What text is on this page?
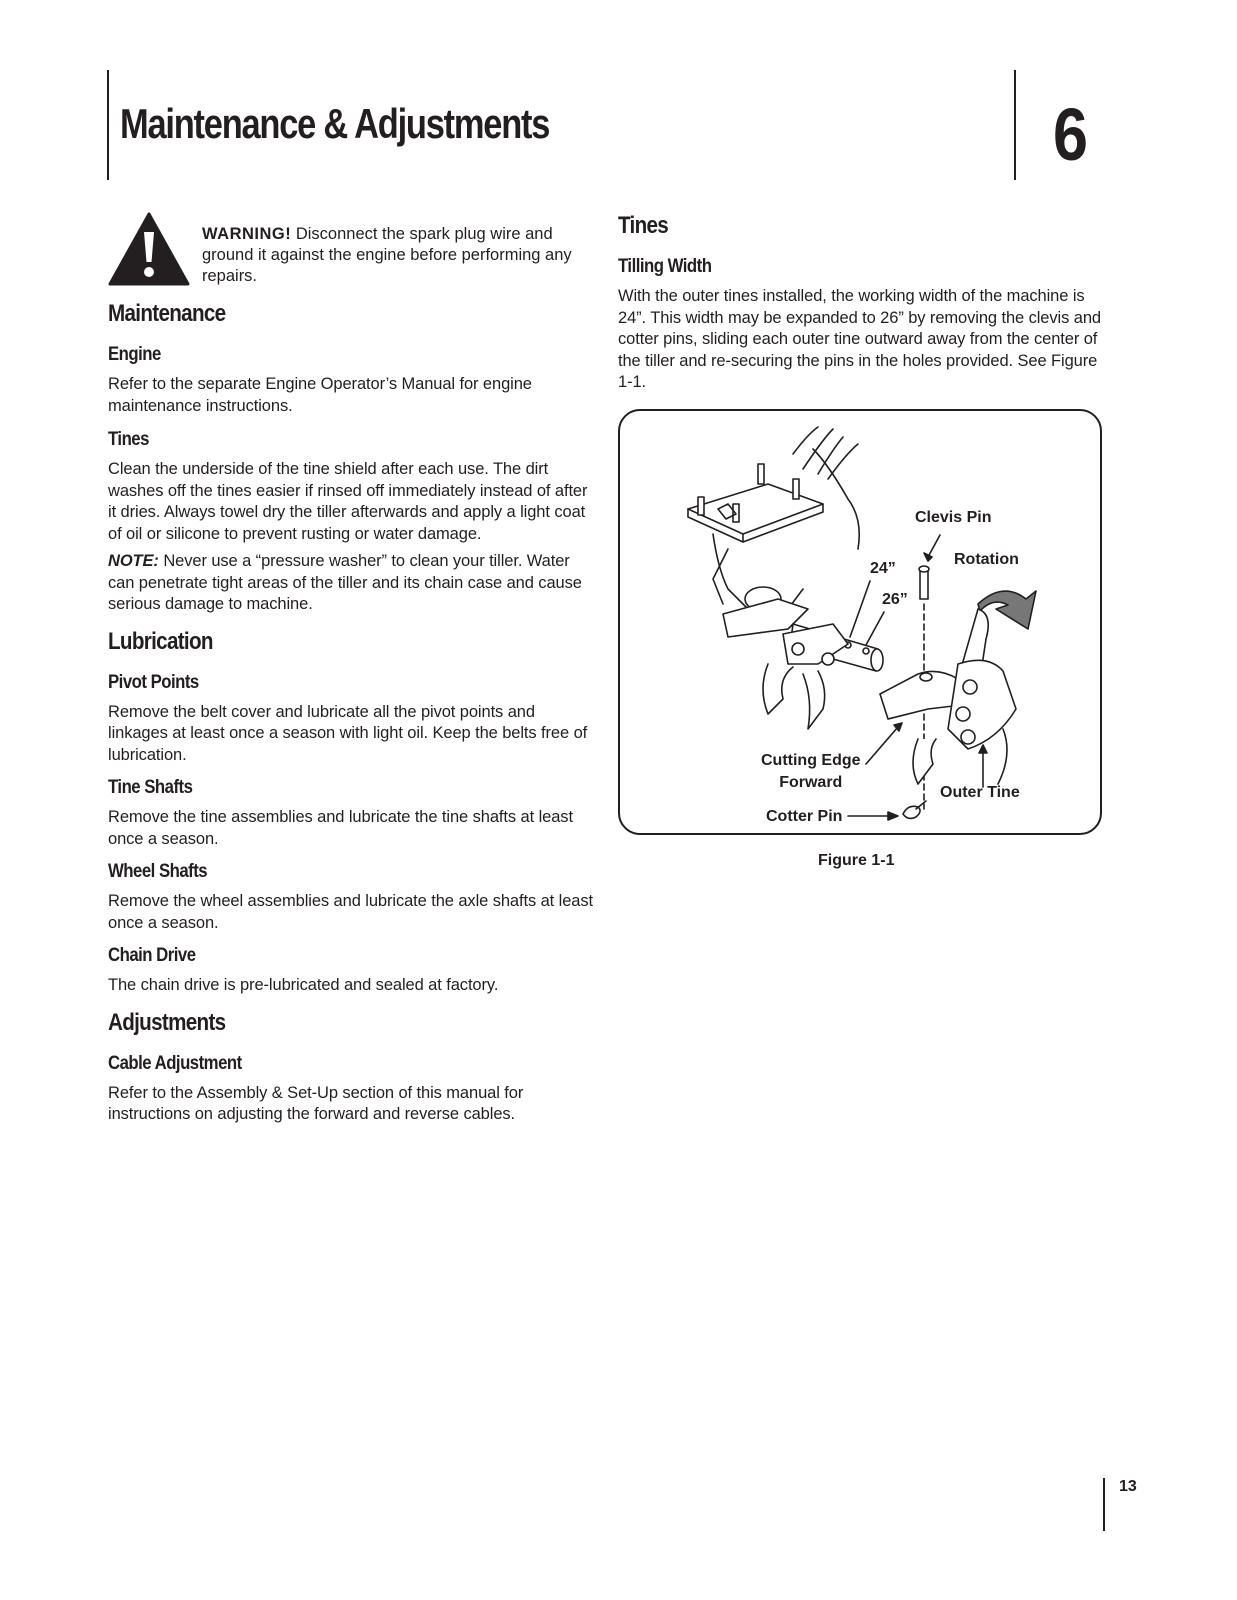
Maintenance & Adjustments	6

WARNING! Disconnect the spark plug wire and ground it against the engine before performing any repairs.

Maintenance
Engine

Refer to the separate Engine Operator’s Manual for engine maintenance instructions.

Tines

Clean the underside of the tine shield after each use. The dirt washes off the tines easier if rinsed off immediately instead of after it dries. Always towel dry the tiller afterwards and apply a light coat of oil or silicone to prevent rusting or water damage.

NOTE: Never use a “pressure washer” to clean your tiller. Water can penetrate tight areas of the tiller and its chain case and cause serious damage to machine.

Lubrication
Pivot Points

Remove the belt cover and lubricate all the pivot points and linkages at least once a season with light oil. Keep the belts free of lubrication.

Tine Shafts

Remove the tine assemblies and lubricate the tine shafts at least once a season.

Wheel Shafts

Remove the wheel assemblies and lubricate the axle shafts at least once a season.

Chain Drive

The chain drive is pre-lubricated and sealed at factory.

Adjustments
Cable Adjustment

Refer to the Assembly & Set-Up section of this manual for instructions on adjusting the forward and reverse cables.

Tines
Tilling Width

With the outer tines installed, the working width of the machine is 24”. This width may be expanded to 26” by removing the clevis and cotter pins, sliding each outer tine outward away from the center of the tiller and re-securing the pins in the holes provided. See Figure 1-1.

Clevis Pin
Rotation
24”
26”
Cutting Edge
Forward
Outer Tine
Cotter Pin
Figure 1-1
13
